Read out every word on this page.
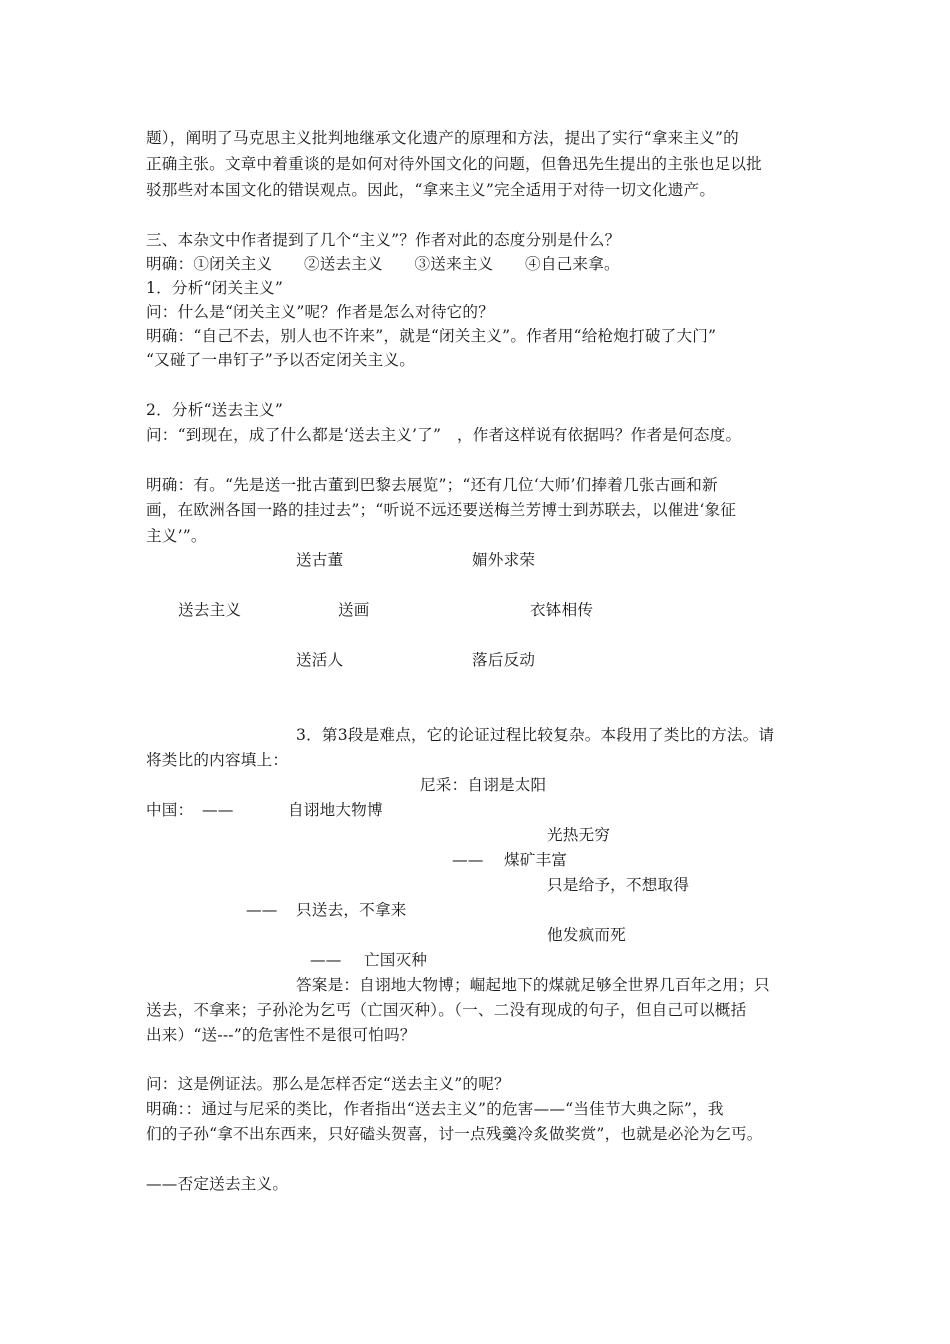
题），阐明了马克思主义批判地继承文化遗产的原理和方法，提出了实行“拿来主义”的

正确主张。文章中着重谈的是如何对待外国文化的问题，但鲁迅先生提出的主张也足以批

驳那些对本国文化的错误观点。因此，“拿来主义”完全适用于对待一切文化遗产。

三、本杂文中作者提到了几个“主义”？作者对此的态度分别是什么？

明确：①闭关主义　　②送去主义　　③送来主义　　④自己来拿。

1．分析“闭关主义”

问：什么是“闭关主义”呢？作者是怎么对待它的？

明确：“自己不去，别人也不许来”，就是“闭关主义”。作者用“给枪炮打破了大门”

“又碰了一串钉子”予以否定闭关主义。

2．分析“送去主义”

问：“到现在，成了什么都是‘送去主义’了”　，作者这样说有依据吗？作者是何态度。

明确：有。“先是送一批古董到巴黎去展览”；“还有几位‘大师’们捧着几张古画和新

画，在欧洲各国一路的挂过去”；“听说不远还要送梅兰芳博士到苏联去，以催进‘象征

主义’”。

送古董	媚外求荣

送去主义	送画	衣钵相传

送活人	落后反动

3．第3段是难点，它的论证过程比较复杂。本段用了类比的方法。请

将类比的内容填上：

尼采：自诩是太阳

中国： ——	自诩地大物博

光热无穷

—— 煤矿丰富

只是给予，不想取得

—— 只送去，不拿来

他发疯而死

—— 亡国灭种

答案是：自诩地大物博；崛起地下的煤就足够全世界几百年之用；只

送去，不拿来；子孙沦为乞丐（亡国灭种）。（一、二没有现成的句子，但自己可以概括

出来）“送---”的危害性不是很可怕吗？

问：这是例证法。那么是怎样否定“送去主义”的呢？

明确：：通过与尼采的类比，作者指出“送去主义”的危害——“当佳节大典之际”，我

们的子孙“拿不出东西来，只好磕头贺喜，讨一点残羹冷炙做奖赏”，也就是必沦为乞丐。

——否定送去主义。
